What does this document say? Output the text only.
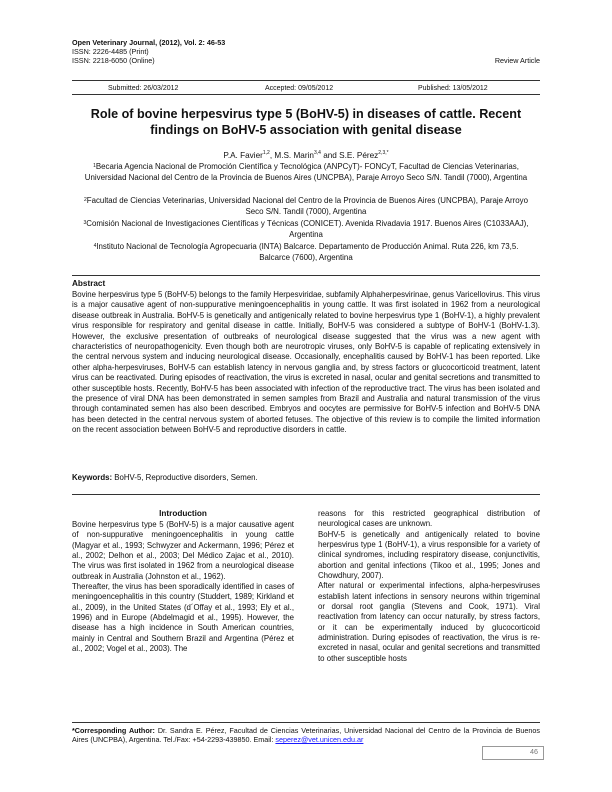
Open Veterinary Journal, (2012), Vol. 2: 46-53
ISSN: 2226-4485 (Print)
ISSN: 2218-6050 (Online)	Review Article
Submitted: 26/03/2012	Accepted: 09/05/2012	Published: 13/05/2012
Role of bovine herpesvirus type 5 (BoHV-5) in diseases of cattle. Recent
findings on BoHV-5 association with genital disease
P.A. Favier$^{1,2}$, M.S. Marin$^{3,4}$ and S.E. Pérez$^{2,3,*}$
$^1$Becaria Agencia Nacional de Promoción Científica y Tecnológica (ANPCyT)- FONCyT, Facultad de Ciencias Veterinarias, Universidad Nacional del Centro de la Provincia de Buenos Aires (UNCPBA), Paraje Arroyo Seco S/N. Tandil (7000), Argentina
$^2$Facultad de Ciencias Veterinarias, Universidad Nacional del Centro de la Provincia de Buenos Aires (UNCPBA), Paraje Arroyo Seco S/N. Tandil (7000), Argentina
$^3$Comisión Nacional de Investigaciones Científicas y Técnicas (CONICET). Avenida Rivadavia 1917. Buenos Aires (C1033AAJ), Argentina
$^4$Instituto Nacional de Tecnología Agropecuaria (INTA) Balcarce. Departamento de Producción Animal. Ruta 226, km 73,5. Balcarce (7600), Argentina
Abstract
Bovine herpesvirus type 5 (BoHV-5) belongs to the family Herpesviridae, subfamily Alphaherpesvirinae, genus Varicellovirus. This virus is a major causative agent of non-suppurative meningoencephalitis in young cattle. It was first isolated in 1962 from a neurological disease outbreak in Australia. BoHV-5 is genetically and antigenically related to bovine herpesvirus type 1 (BoHV-1), a highly prevalent virus responsible for respiratory and genital disease in cattle. Initially, BoHV-5 was considered a subtype of BoHV-1 (BoHV-1.3). However, the exclusive presentation of outbreaks of neurological disease suggested that the virus was a new agent with characteristics of neuropathogenicity. Even though both are neurotropic viruses, only BoHV-5 is capable of replicating extensively in the central nervous system and inducing neurological disease. Occasionally, encephalitis caused by BoHV-1 has been reported. Like other alpha-herpesviruses, BoHV-5 can establish latency in nervous ganglia and, by stress factors or glucocorticoid treatment, latent virus can be reactivated. During episodes of reactivation, the virus is excreted in nasal, ocular and genital secretions and transmitted to other susceptible hosts. Recently, BoHV-5 has been associated with infection of the reproductive tract. The virus has been isolated and the presence of viral DNA has been demonstrated in semen samples from Brazil and Australia and natural transmission of the virus through contaminated semen has also been described. Embryos and oocytes are permissive for BoHV-5 infection and BoHV-5 DNA has been detected in the central nervous system of aborted fetuses. The objective of this review is to compile the limited information on the recent association between BoHV-5 and reproductive disorders in cattle.
Keywords: BoHV-5, Reproductive disorders, Semen.
Introduction

Bovine herpesvirus type 5 (BoHV-5) is a major causative agent of non-suppurative meningoencephalitis in young cattle (Magyar et al., 1993; Schwyzer and Ackermann, 1996; Pérez et al., 2002; Delhon et al., 2003; Del Médico Zajac et al., 2010). The virus was first isolated in 1962 from a neurological disease outbreak in Australia (Johnston et al., 1962).

Thereafter, the virus has been sporadically identified in cases of meningoencephalitis in this country (Studdert, 1989; Kirkland et al., 2009), in the United States (d´Offay et al., 1993; Ely et al., 1996) and in Europe (Abdelmagid et al., 1995). However, the disease has a high incidence in South American countries, mainly in Central and Southern Brazil and Argentina (Pérez et al., 2002; Vogel et al., 2003). The

reasons for this restricted geographical distribution of neurological cases are unknown.

BoHV-5 is genetically and antigenically related to bovine herpesvirus type 1 (BoHV-1), a virus responsible for a variety of clinical syndromes, including respiratory disease, conjunctivitis, abortion and genital infections (Tikoo et al., 1995; Jones and Chowdhury, 2007).

After natural or experimental infections, alpha-herpesviruses establish latent infections in sensory neurons within trigeminal or dorsal root ganglia (Stevens and Cook, 1971). Viral reactivation from latency can occur naturally, by stress factors, or it can be experimentally induced by glucocorticoid administration. During episodes of reactivation, the virus is re-excreted in nasal, ocular and genital secretions and transmitted to other susceptible hosts

*Corresponding Author: Dr. Sandra E. Pérez, Facultad de Ciencias Veterinarias, Universidad Nacional del Centro de la Provincia de Buenos Aires (UNCPBA), Argentina. Tel./Fax: +54-2293-439850. Email: seperez@vet.unicen.edu.ar
46
